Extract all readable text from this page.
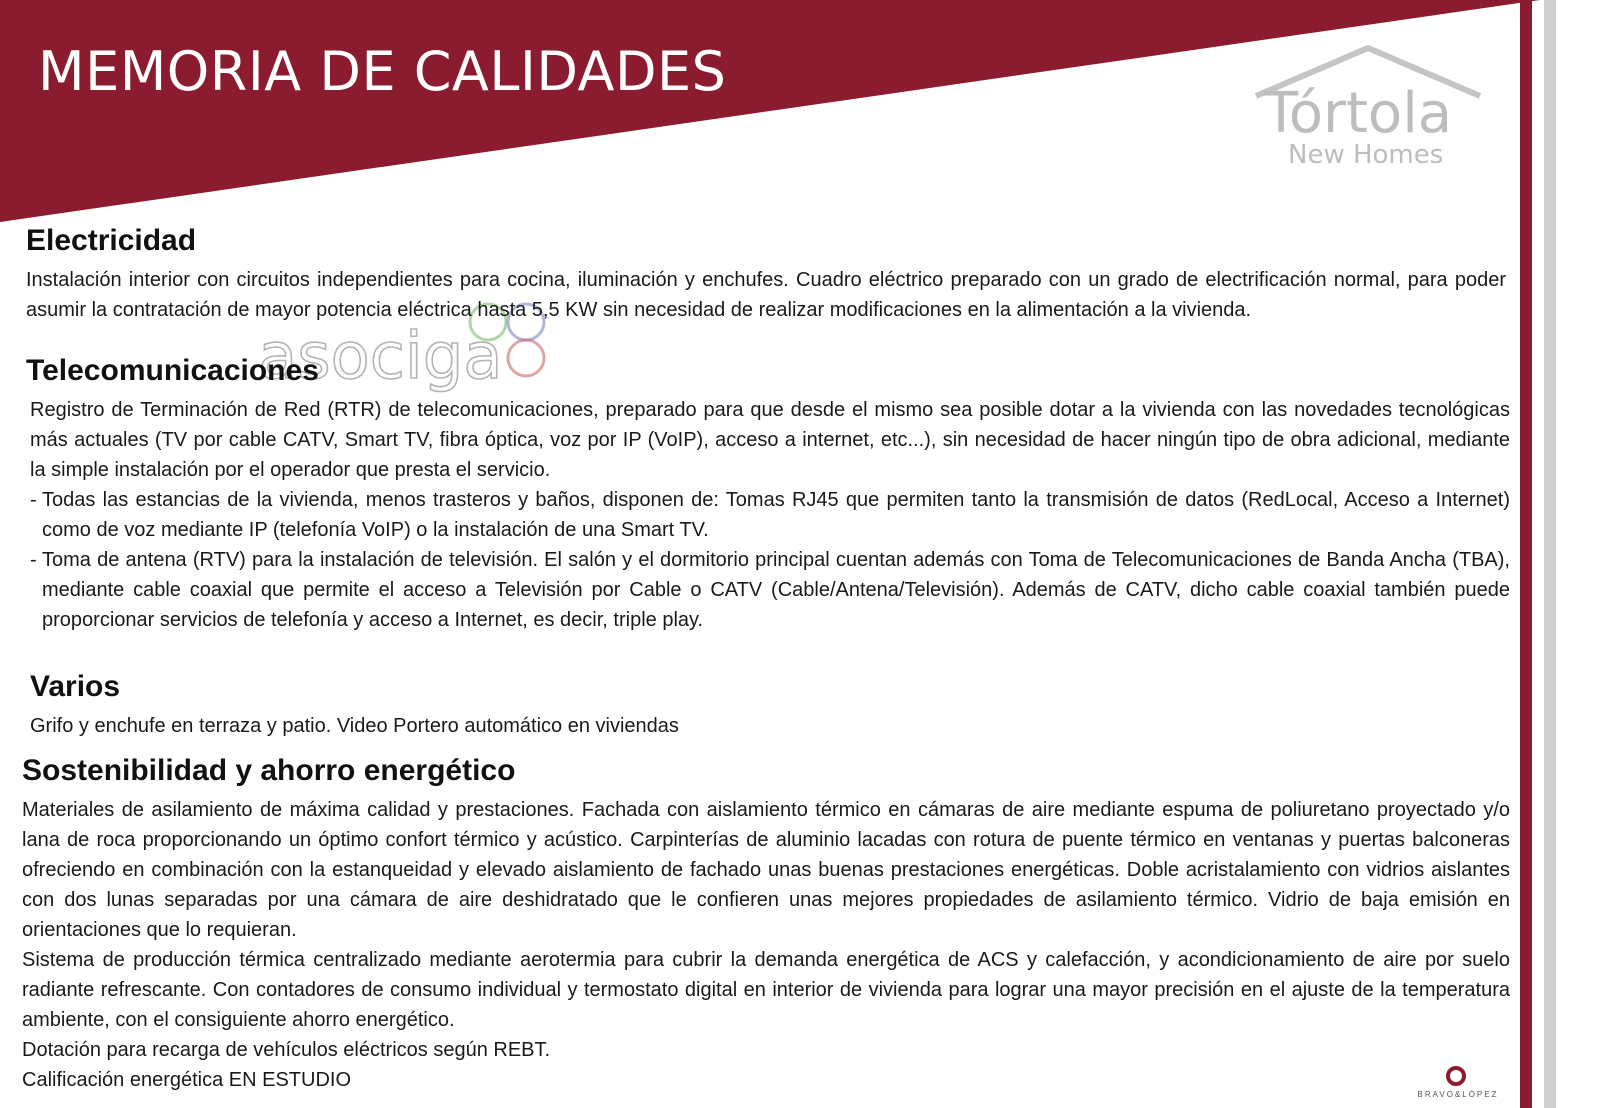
MEMORIA DE CALIDADES
Tórtola
New Homes
asociga
Electricidad

Instalación interior con circuitos independientes para cocina, iluminación y enchufes. Cuadro eléctrico preparado con un grado de electrificación normal, para poder asumir la contratación de mayor potencia eléctrica hasta 5,5 KW sin necesidad de realizar modificaciones en la alimentación a la vivienda.

Telecomunicaciones

Registro de Terminación de Red (RTR) de telecomunicaciones, preparado para que desde el mismo sea posible dotar a la vivienda con las novedades tecnológicas más actuales (TV por cable CATV, Smart TV, fibra óptica, voz por IP (VoIP), acceso a internet, etc...), sin necesidad de hacer ningún tipo de obra adicional, mediante la simple instalación por el operador que presta el servicio.

- Todas las estancias de la vivienda, menos trasteros y baños, disponen de: Tomas RJ45 que permiten tanto la transmisión de datos (RedLocal, Acceso a Internet) como de voz mediante IP (telefonía VoIP) o la instalación de una Smart TV.
- Toma de antena (RTV) para la instalación de televisión. El salón y el dormitorio principal cuentan además con Toma de Telecomunicaciones de Banda Ancha (TBA), mediante cable coaxial que permite el acceso a Televisión por Cable o CATV (Cable/Antena/Televisión). Además de CATV, dicho cable coaxial también puede proporcionar servicios de telefonía y acceso a Internet, es decir, triple play.
Varios

Grifo y enchufe en terraza y patio. Video Portero automático en viviendas

Sostenibilidad y ahorro energético

Materiales de asilamiento de máxima calidad y prestaciones. Fachada con aislamiento térmico en cámaras de aire mediante espuma de poliuretano proyectado y/o lana de roca proporcionando un óptimo confort térmico y acústico. Carpinterías de aluminio lacadas con rotura de puente térmico en ventanas y puertas balconeras ofreciendo en combinación con la estanqueidad y elevado aislamiento de fachado unas buenas prestaciones energéticas. Doble acristalamiento con vidrios aislantes con dos lunas separadas por una cámara de aire deshidratado que le confieren unas mejores propiedades de asilamiento térmico. Vidrio de baja emisión en orientaciones que lo requieran.

Sistema de producción térmica centralizado mediante aerotermia para cubrir la demanda energética de ACS y calefacción, y acondicionamiento de aire por suelo radiante refrescante. Con contadores de consumo individual y termostato digital en interior de vivienda para lograr una mayor precisión en el ajuste de la temperatura ambiente, con el consiguiente ahorro energético.

Dotación para recarga de vehículos eléctricos según REBT.

Calificación energética EN ESTUDIO

BRAVO&LÓPEZ
